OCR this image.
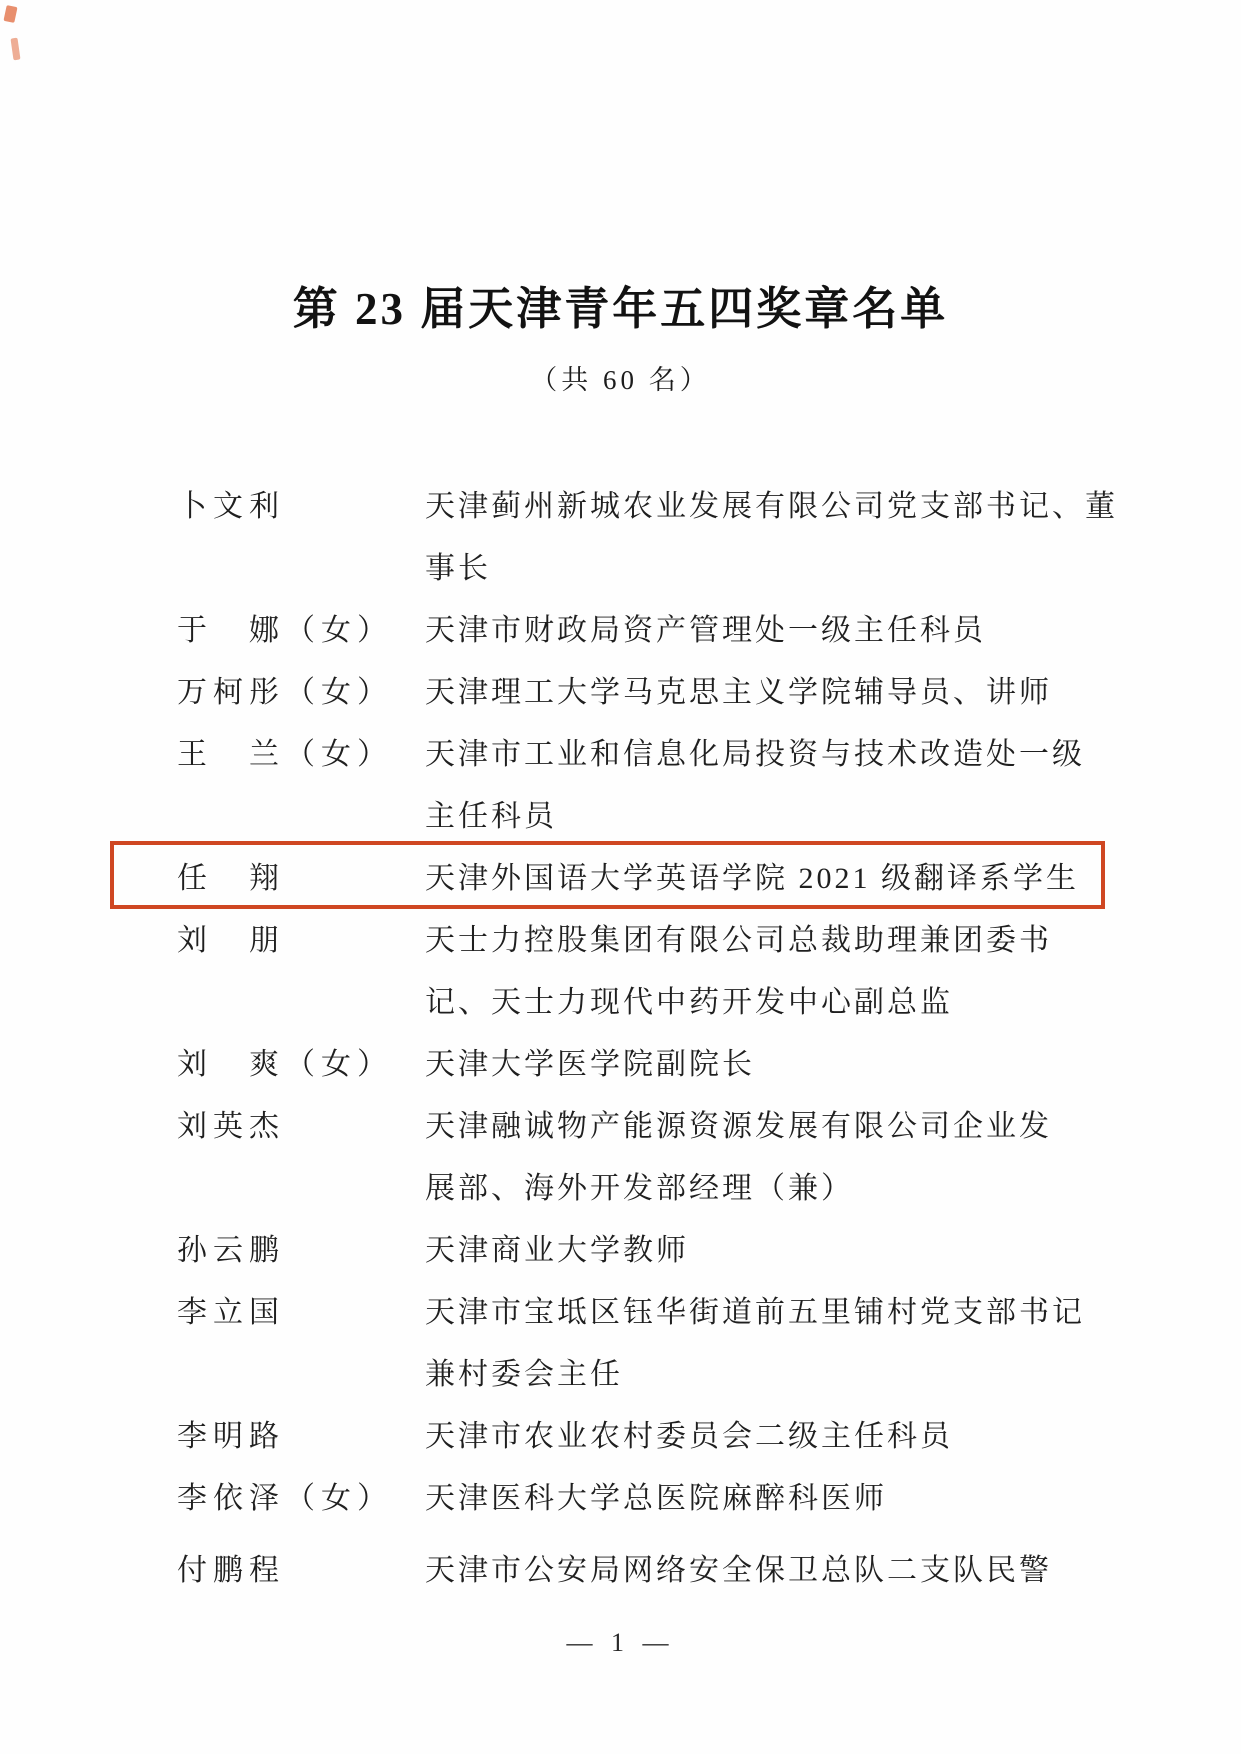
第 23 届天津青年五四奖章名单
（共 60 名）
卜文利	天津蓟州新城农业发展有限公司党支部书记、董
事长
于　娜（女）	天津市财政局资产管理处一级主任科员
万柯彤（女）	天津理工大学马克思主义学院辅导员、讲师
王　兰（女）	天津市工业和信息化局投资与技术改造处一级
主任科员
任　翔	天津外国语大学英语学院 2021 级翻译系学生
刘　朋	天士力控股集团有限公司总裁助理兼团委书
记、天士力现代中药开发中心副总监
刘　爽（女）	天津大学医学院副院长
刘英杰	天津融诚物产能源资源发展有限公司企业发
展部、海外开发部经理（兼）
孙云鹏	天津商业大学教师
李立国	天津市宝坻区钰华街道前五里铺村党支部书记
兼村委会主任
李明路	天津市农业农村委员会二级主任科员
李依泽（女）	天津医科大学总医院麻醉科医师
付鹏程	天津市公安局网络安全保卫总队二支队民警
— 1 —
